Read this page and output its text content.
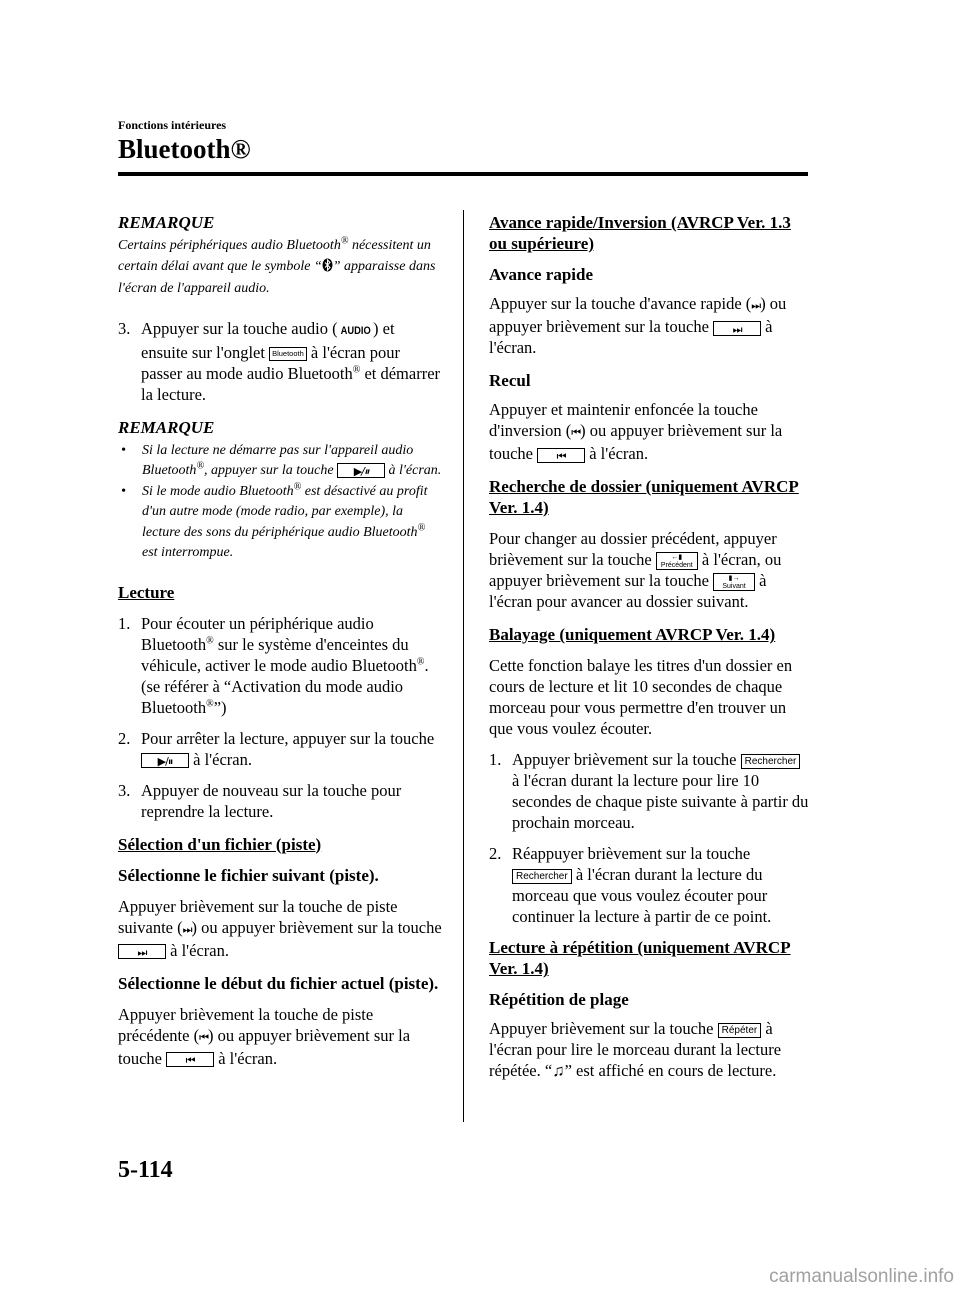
Fonctions intérieures
Bluetooth®

REMARQUE

Certains périphériques audio Bluetooth® nécessitent un certain délai avant que le symbole “ ” apparaisse dans l'écran de l'appareil audio.

3. Appuyer sur la touche audio ( AUDIO ) et ensuite sur l'onglet Bluetooth à l'écran pour passer au mode audio Bluetooth® et démarrer la lecture.

REMARQUE

• Si la lecture ne démarre pas sur l'appareil audio Bluetooth®, appuyer sur la touche ▶/⏸ à l'écran.
• Si le mode audio Bluetooth® est désactivé au profit d'un autre mode (mode radio, par exemple), la lecture des sons du périphérique audio Bluetooth® est interrompue.

Lecture

1. Pour écouter un périphérique audio Bluetooth® sur le système d'enceintes du véhicule, activer le mode audio Bluetooth®. (se référer à “Activation du mode audio Bluetooth®”)
2. Pour arrêter la lecture, appuyer sur la touche ▶/⏸ à l'écran.
3. Appuyer de nouveau sur la touche pour reprendre la lecture.

Sélection d'un fichier (piste)

Sélectionne le fichier suivant (piste).

Appuyer brièvement sur la touche de piste suivante (⏭) ou appuyer brièvement sur la touche ⏭ à l'écran.

Sélectionne le début du fichier actuel (piste).

Appuyer brièvement la touche de piste précédente (⏮) ou appuyer brièvement sur la touche ⏮ à l'écran.

Avance rapide/Inversion (AVRCP Ver. 1.3 ou supérieure)

Avance rapide

Appuyer sur la touche d'avance rapide (⏭) ou appuyer brièvement sur la touche ⏭ à l'écran.

Recul

Appuyer et maintenir enfoncée la touche d'inversion (⏮) ou appuyer brièvement sur la touche ⏮ à l'écran.

Recherche de dossier (uniquement AVRCP Ver. 1.4)

Pour changer au dossier précédent, appuyer brièvement sur la touche ←▮
Précédent à l'écran, ou appuyer brièvement sur la touche ▮→
Suivant à l'écran pour avancer au dossier suivant.

Balayage (uniquement AVRCP Ver. 1.4)

Cette fonction balaye les titres d'un dossier en cours de lecture et lit 10 secondes de chaque morceau pour vous permettre d'en trouver un que vous voulez écouter.

1. Appuyer brièvement sur la touche Rechercher à l'écran durant la lecture pour lire 10 secondes de chaque piste suivante à partir du prochain morceau.
2. Réappuyer brièvement sur la touche Rechercher à l'écran durant la lecture du morceau que vous voulez écouter pour continuer la lecture à partir de ce point.

Lecture à répétition (uniquement AVRCP Ver. 1.4)

Répétition de plage

Appuyer brièvement sur la touche Répéter à l'écran pour lire le morceau durant la lecture répétée. “♫” est affiché en cours de lecture.

5-114
carmanualsonline.info
